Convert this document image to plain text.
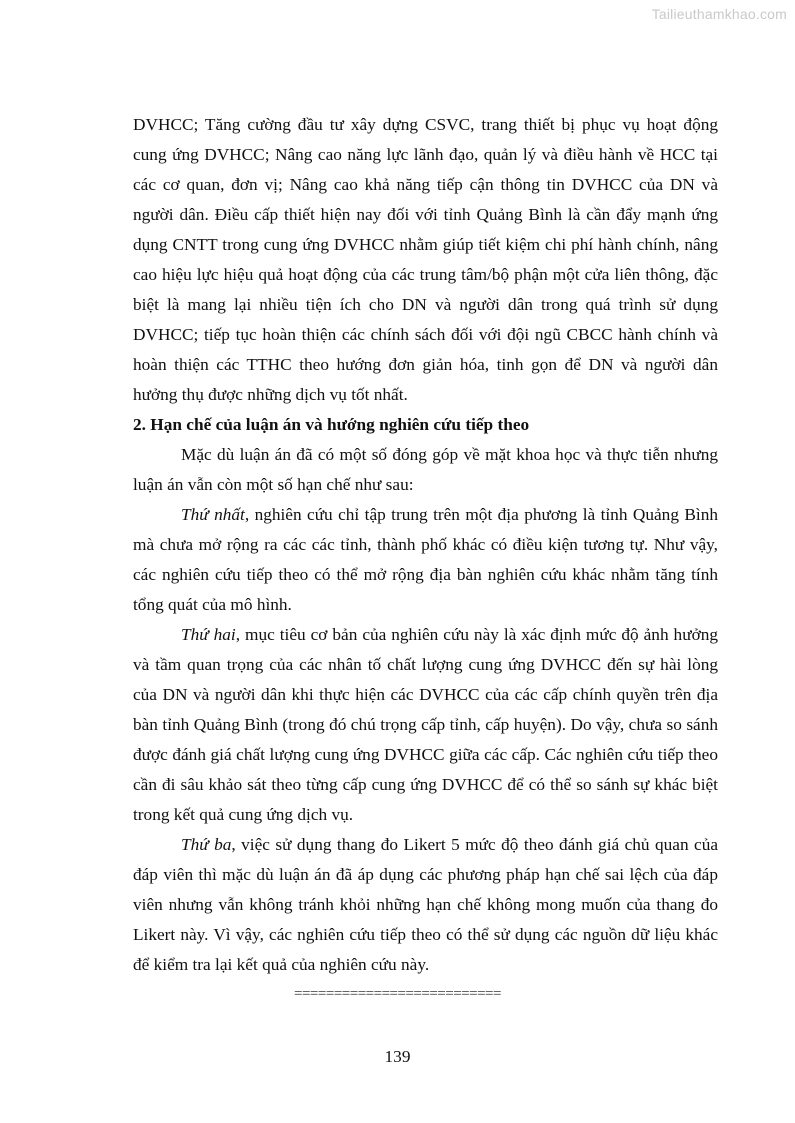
Tailieuthamkhao.com

DVHCC; Tăng cường đầu tư xây dựng CSVC, trang thiết bị phục vụ hoạt động cung ứng DVHCC; Nâng cao năng lực lãnh đạo, quản lý và điều hành về HCC tại các cơ quan, đơn vị; Nâng cao khả năng tiếp cận thông tin DVHCC của DN và người dân. Điều cấp thiết hiện nay đối với tỉnh Quảng Bình là cần đẩy mạnh ứng dụng CNTT trong cung ứng DVHCC nhằm giúp tiết kiệm chi phí hành chính, nâng cao hiệu lực hiệu quả hoạt động của các trung tâm/bộ phận một cửa liên thông, đặc biệt là mang lại nhiều tiện ích cho DN và người dân trong quá trình sử dụng DVHCC; tiếp tục hoàn thiện các chính sách đối với đội ngũ CBCC hành chính và hoàn thiện các TTHC theo hướng đơn giản hóa, tinh gọn để DN và người dân hưởng thụ được những dịch vụ tốt nhất.

2. Hạn chế của luận án và hướng nghiên cứu tiếp theo

Mặc dù luận án đã có một số đóng góp về mặt khoa học và thực tiễn nhưng luận án vẫn còn một số hạn chế như sau:

Thứ nhất, nghiên cứu chỉ tập trung trên một địa phương là tỉnh Quảng Bình mà chưa mở rộng ra các các tỉnh, thành phố khác có điều kiện tương tự. Như vậy, các nghiên cứu tiếp theo có thể mở rộng địa bàn nghiên cứu khác nhằm tăng tính tổng quát của mô hình.

Thứ hai, mục tiêu cơ bản của nghiên cứu này là xác định mức độ ảnh hưởng và tầm quan trọng của các nhân tố chất lượng cung ứng DVHCC đến sự hài lòng của DN và người dân khi thực hiện các DVHCC của các cấp chính quyền trên địa bàn tỉnh Quảng Bình (trong đó chú trọng cấp tỉnh, cấp huyện). Do vậy, chưa so sánh được đánh giá chất lượng cung ứng DVHCC giữa các cấp. Các nghiên cứu tiếp theo cần đi sâu khảo sát theo từng cấp cung ứng DVHCC để có thể so sánh sự khác biệt trong kết quả cung ứng dịch vụ.

Thứ ba, việc sử dụng thang đo Likert 5 mức độ theo đánh giá chủ quan của đáp viên thì mặc dù luận án đã áp dụng các phương pháp hạn chế sai lệch của đáp viên nhưng vẫn không tránh khỏi những hạn chế không mong muốn của thang đo Likert này. Vì vậy, các nghiên cứu tiếp theo có thể sử dụng các nguồn dữ liệu khác để kiểm tra lại kết quả của nghiên cứu này.

==========================
139
